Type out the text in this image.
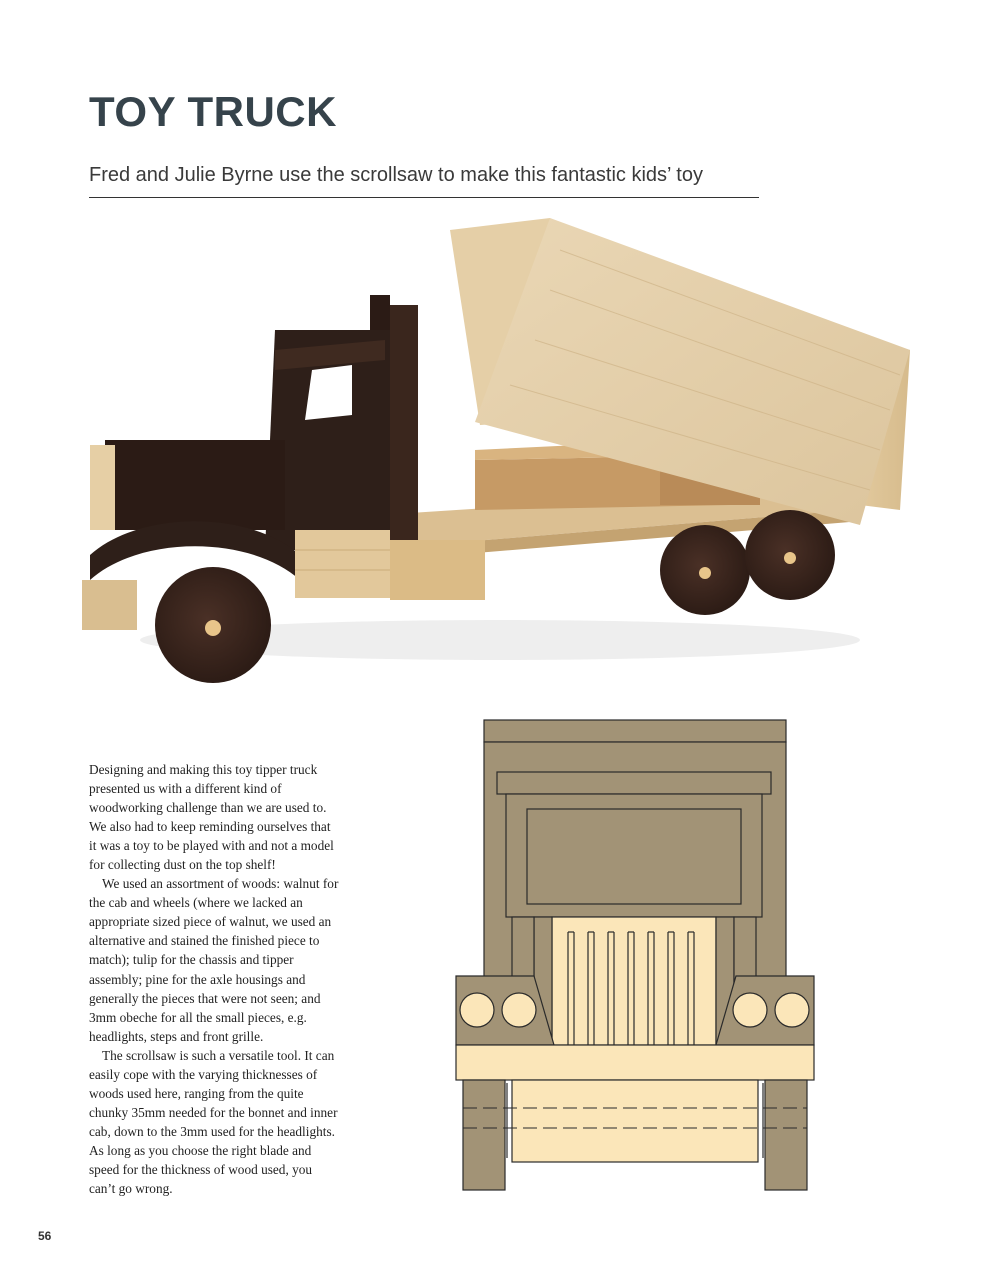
TOY TRUCK

Fred and Julie Byrne use the scrollsaw to make this fantastic kids’ toy

Designing and making this toy tipper truck presented us with a different kind of woodworking challenge than we are used to. We also had to keep reminding ourselves that it was a toy to be played with and not a model for collecting dust on the top shelf!

We used an assortment of woods: walnut for the cab and wheels (where we lacked an appropriate sized piece of walnut, we used an alternative and stained the finished piece to match); tulip for the chassis and tipper assembly; pine for the axle housings and generally the pieces that were not seen; and 3mm obeche for all the small pieces, e.g. headlights, steps and front grille.

The scrollsaw is such a versatile tool. It can easily cope with the varying thicknesses of woods used here, ranging from the quite chunky 35mm needed for the bonnet and inner cab, down to the 3mm used for the headlights. As long as you choose the right blade and speed for the thickness of wood used, you can’t go wrong.

56
